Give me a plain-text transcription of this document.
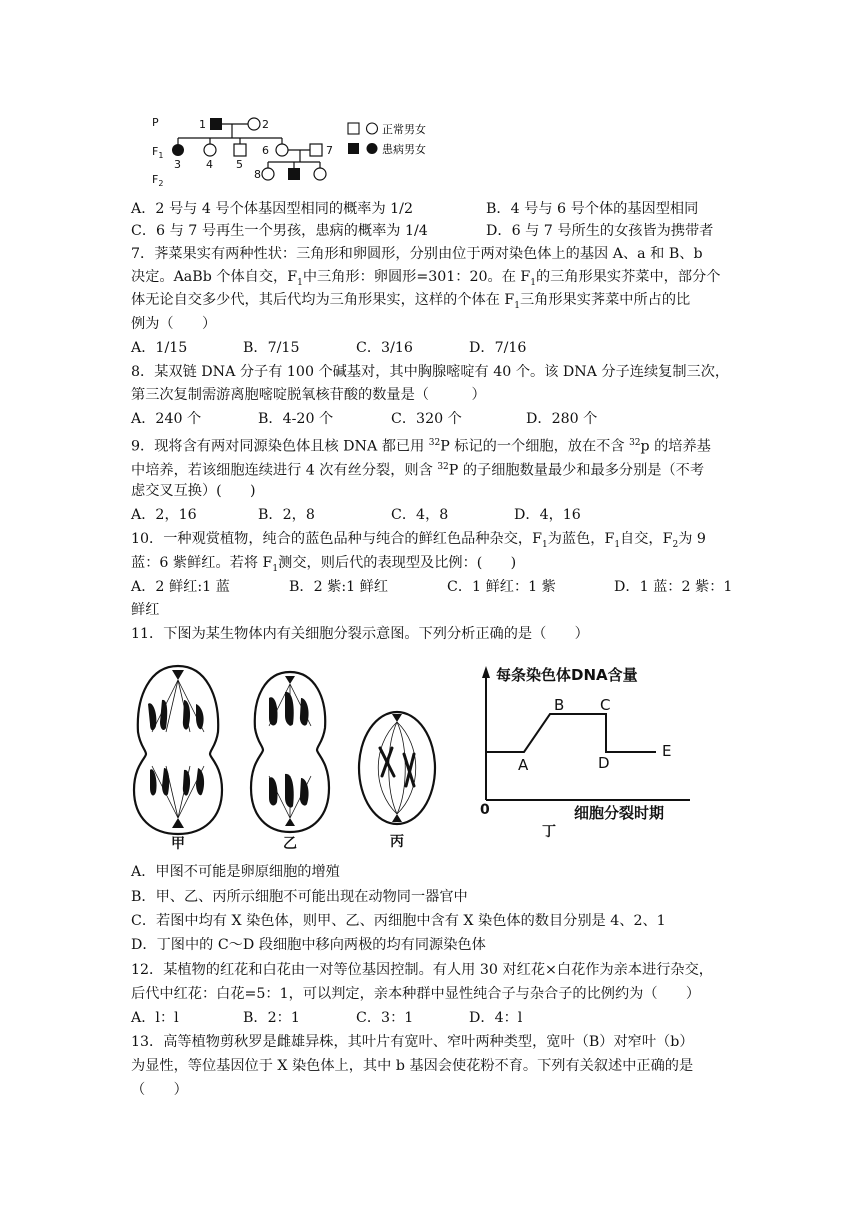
P
$F_1$
$F_2$
1	2
3 4 5
6	7
8
正常男女
患病男女
A．2 号与 4 号个体基因型相同的概率为 1/2	B．4 号与 6 号个体的基因型相同
C．6 与 7 号再生一个男孩，患病的概率为 1/4	D．6 与 7 号所生的女孩皆为携带者
7．荠菜果实有两种性状：三角形和卵圆形，分别由位于两对染色体上的基因 A、a 和 B、b
决定。AaBb 个体自交，$F_1$中三角形：卵圆形=301：20。在 $F_1$的三角形果实芥菜中，部分个
体无论自交多少代，其后代均为三角形果实，这样的个体在 $F_1$三角形果实荠菜中所占的比
例为（　　）
A．1/15	B．7/15	C．3/16	D．7/16
8．某双链 DNA 分子有 100 个碱基对，其中胸腺嘧啶有 40 个。该 DNA 分子连续复制三次，
第三次复制需游离胞嘧啶脱氧核苷酸的数量是（　　　）
A．240 个	B．4-20 个	C．320 个	D．280 个
9．现将含有两对同源染色体且核 DNA 都已用 $^{32}$P 标记的一个细胞，放在不含 $^{32}$p 的培养基
中培养，若该细胞连续进行 4 次有丝分裂，则含 $^{32}$P 的子细胞数量最少和最多分别是（不考
虑交叉互换）(　　)
A．2，16	B．2，8	C．4，8	D．4，16
10．一种观赏植物，纯合的蓝色品种与纯合的鲜红色品种杂交，$F_1$为蓝色，$F_1$自交，$F_2$为 9
蓝：6 紫鲜红。若将 $F_1$测交，则后代的表现型及比例：(　　)
A．2 鲜红:1 蓝	B．2 紫:1 鲜红	C．1 鲜红：1 紫	D．1 蓝：2 紫：1
鲜红
11．下图为某生物体内有关细胞分裂示意图。下列分析正确的是（　　）
甲	乙	丙
每条染色体DNA含量
细胞分裂时期
0
A
B C
D
E
丁
A．甲图不可能是卵原细胞的增殖
B．甲、乙、丙所示细胞不可能出现在动物同一器官中
C．若图中均有 X 染色体，则甲、乙、丙细胞中含有 X 染色体的数目分别是 4、2、1
D．丁图中的 C～D 段细胞中移向两极的均有同源染色体
12．某植物的红花和白花由一对等位基因控制。有人用 30 对红花×白花作为亲本进行杂交，
后代中红花：白花=5：1，可以判定，亲本种群中显性纯合子与杂合子的比例约为（　　）
A．l：l	B．2：1	C．3：1	D．4：l
13．高等植物剪秋罗是雌雄异株，其叶片有宽叶、窄叶两种类型，宽叶（B）对窄叶（b）
为显性，等位基因位于 X 染色体上，其中 b 基因会使花粉不育。下列有关叙述中正确的是
（　　）
